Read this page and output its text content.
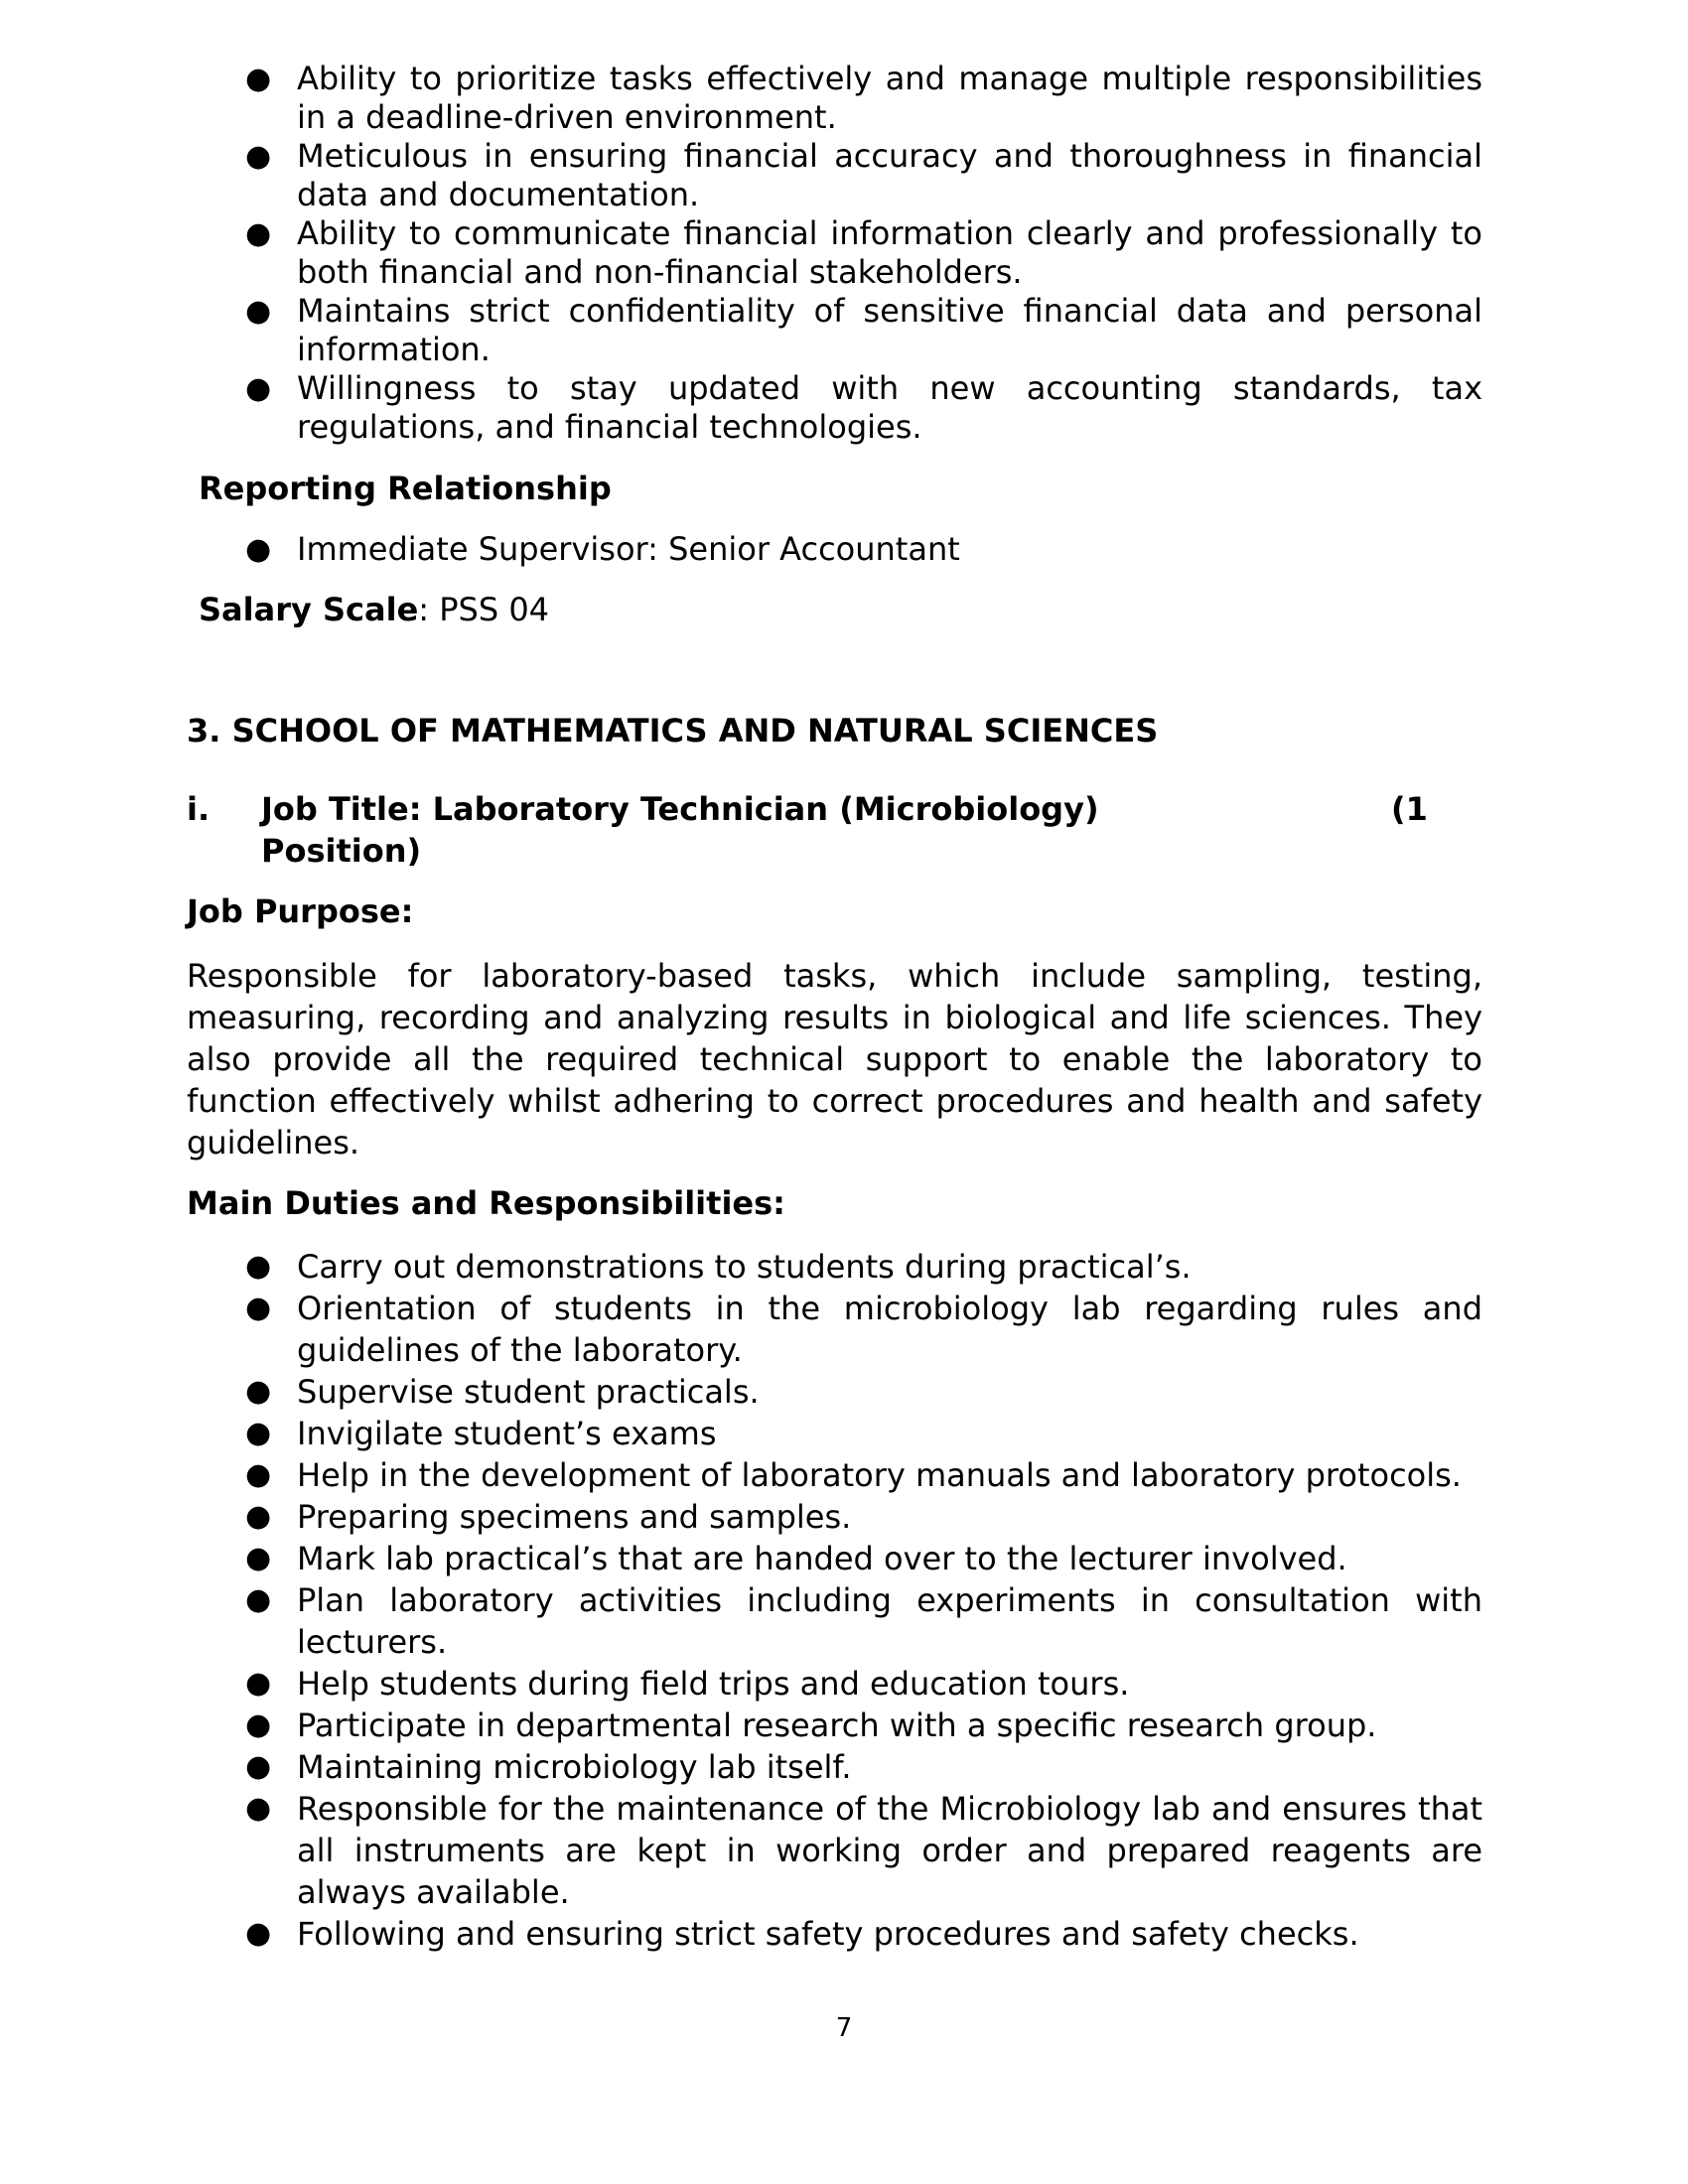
● Ability to prioritize tasks effectively and manage multiple responsibilities in a deadline-driven environment.
● Meticulous in ensuring financial accuracy and thoroughness in financial data and documentation.
● Ability to communicate financial information clearly and professionally to both financial and non-financial stakeholders.
● Maintains strict confidentiality of sensitive financial data and personal information.
● Willingness to stay updated with new accounting standards, tax regulations, and financial technologies.
Reporting Relationship
● Immediate Supervisor: Senior Accountant
Salary Scale: PSS 04
3. SCHOOL OF MATHEMATICS AND NATURAL SCIENCES
i. Job Title: Laboratory Technician (Microbiology)	(1
Position)
Job Purpose:
Responsible for laboratory-based tasks, which include sampling, testing, measuring, recording and analyzing results in biological and life sciences. They also provide all the required technical support to enable the laboratory to function effectively whilst adhering to correct procedures and health and safety guidelines.
Main Duties and Responsibilities:
● Carry out demonstrations to students during practical’s.
● Orientation of students in the microbiology lab regarding rules and guidelines of the laboratory.
● Supervise student practicals.
● Invigilate student’s exams
● Help in the development of laboratory manuals and laboratory protocols.
● Preparing specimens and samples.
● Mark lab practical’s that are handed over to the lecturer involved.
● Plan laboratory activities including experiments in consultation with lecturers.
● Help students during field trips and education tours.
● Participate in departmental research with a specific research group.
● Maintaining microbiology lab itself.
● Responsible for the maintenance of the Microbiology lab and ensures that all instruments are kept in working order and prepared reagents are always available.
● Following and ensuring strict safety procedures and safety checks.
7
